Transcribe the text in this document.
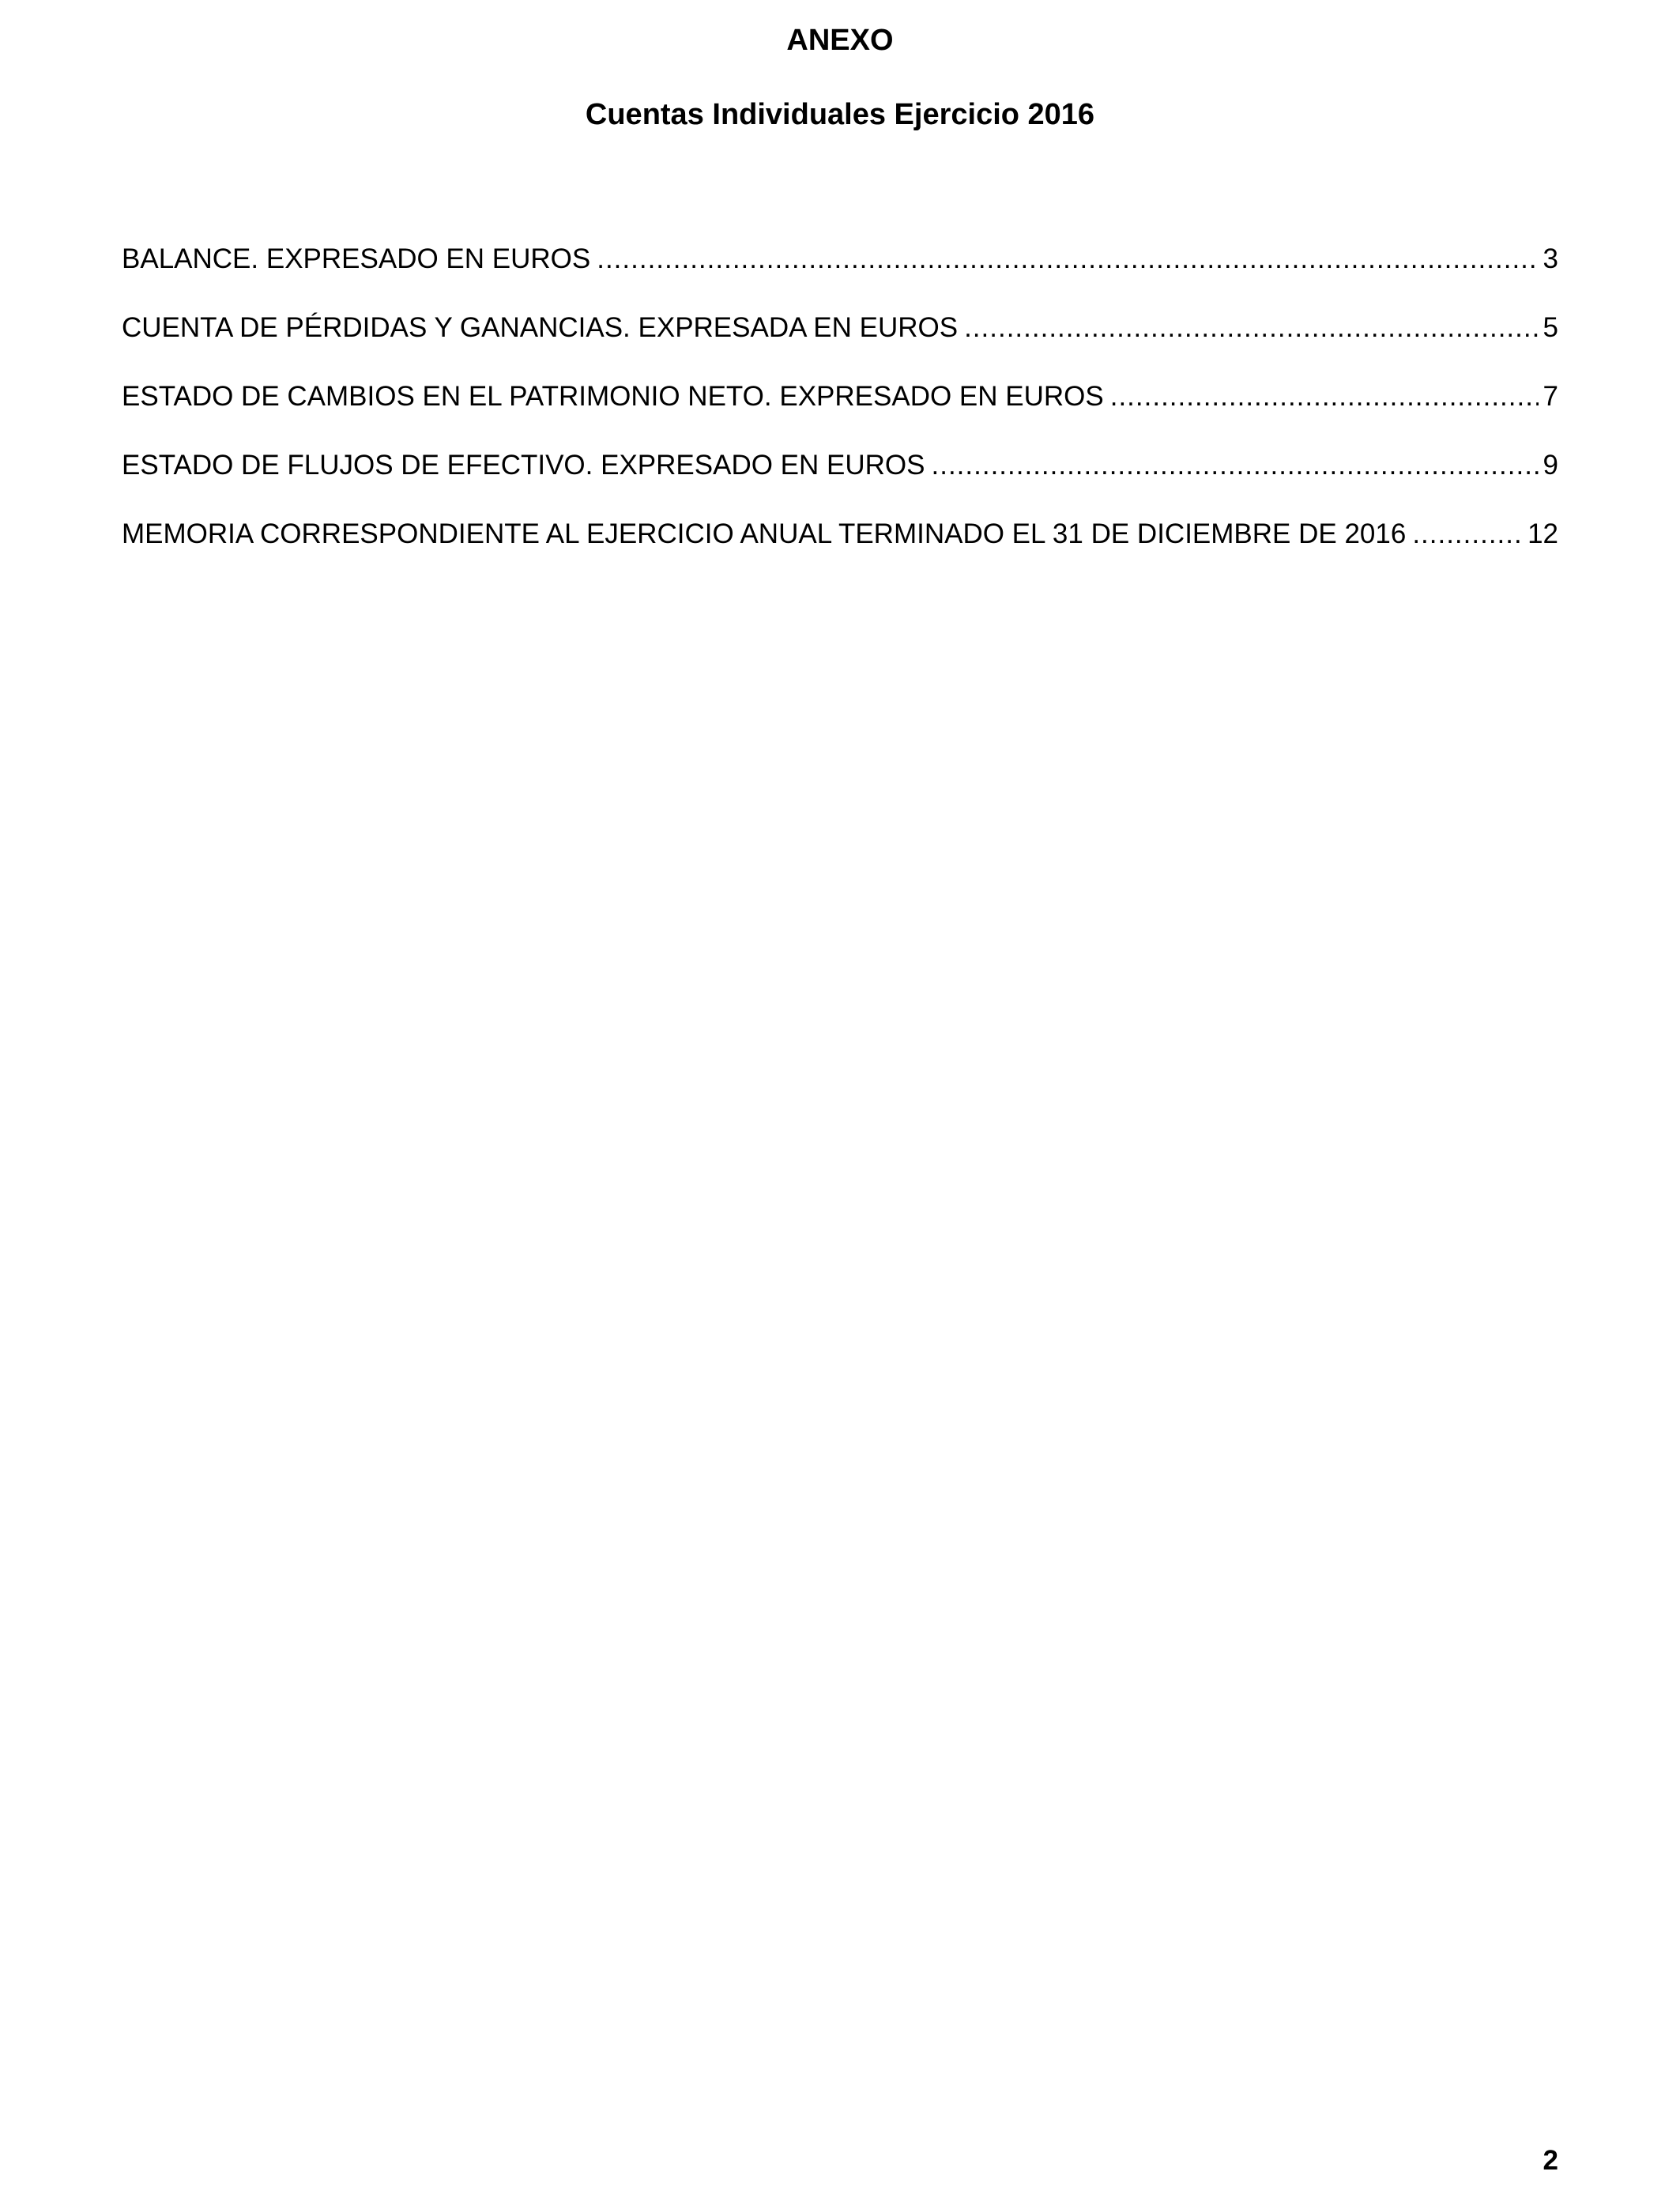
ANEXO
Cuentas Individuales Ejercicio 2016
BALANCE. EXPRESADO EN EUROS .....	3
CUENTA DE PÉRDIDAS Y GANANCIAS. EXPRESADA EN EUROS .....	5
ESTADO DE CAMBIOS EN EL PATRIMONIO NETO. EXPRESADO EN EUROS .....	7
ESTADO DE FLUJOS DE EFECTIVO. EXPRESADO EN EUROS .....	9
MEMORIA CORRESPONDIENTE AL EJERCICIO ANUAL TERMINADO EL 31 DE DICIEMBRE DE 2016 .....	12
2
